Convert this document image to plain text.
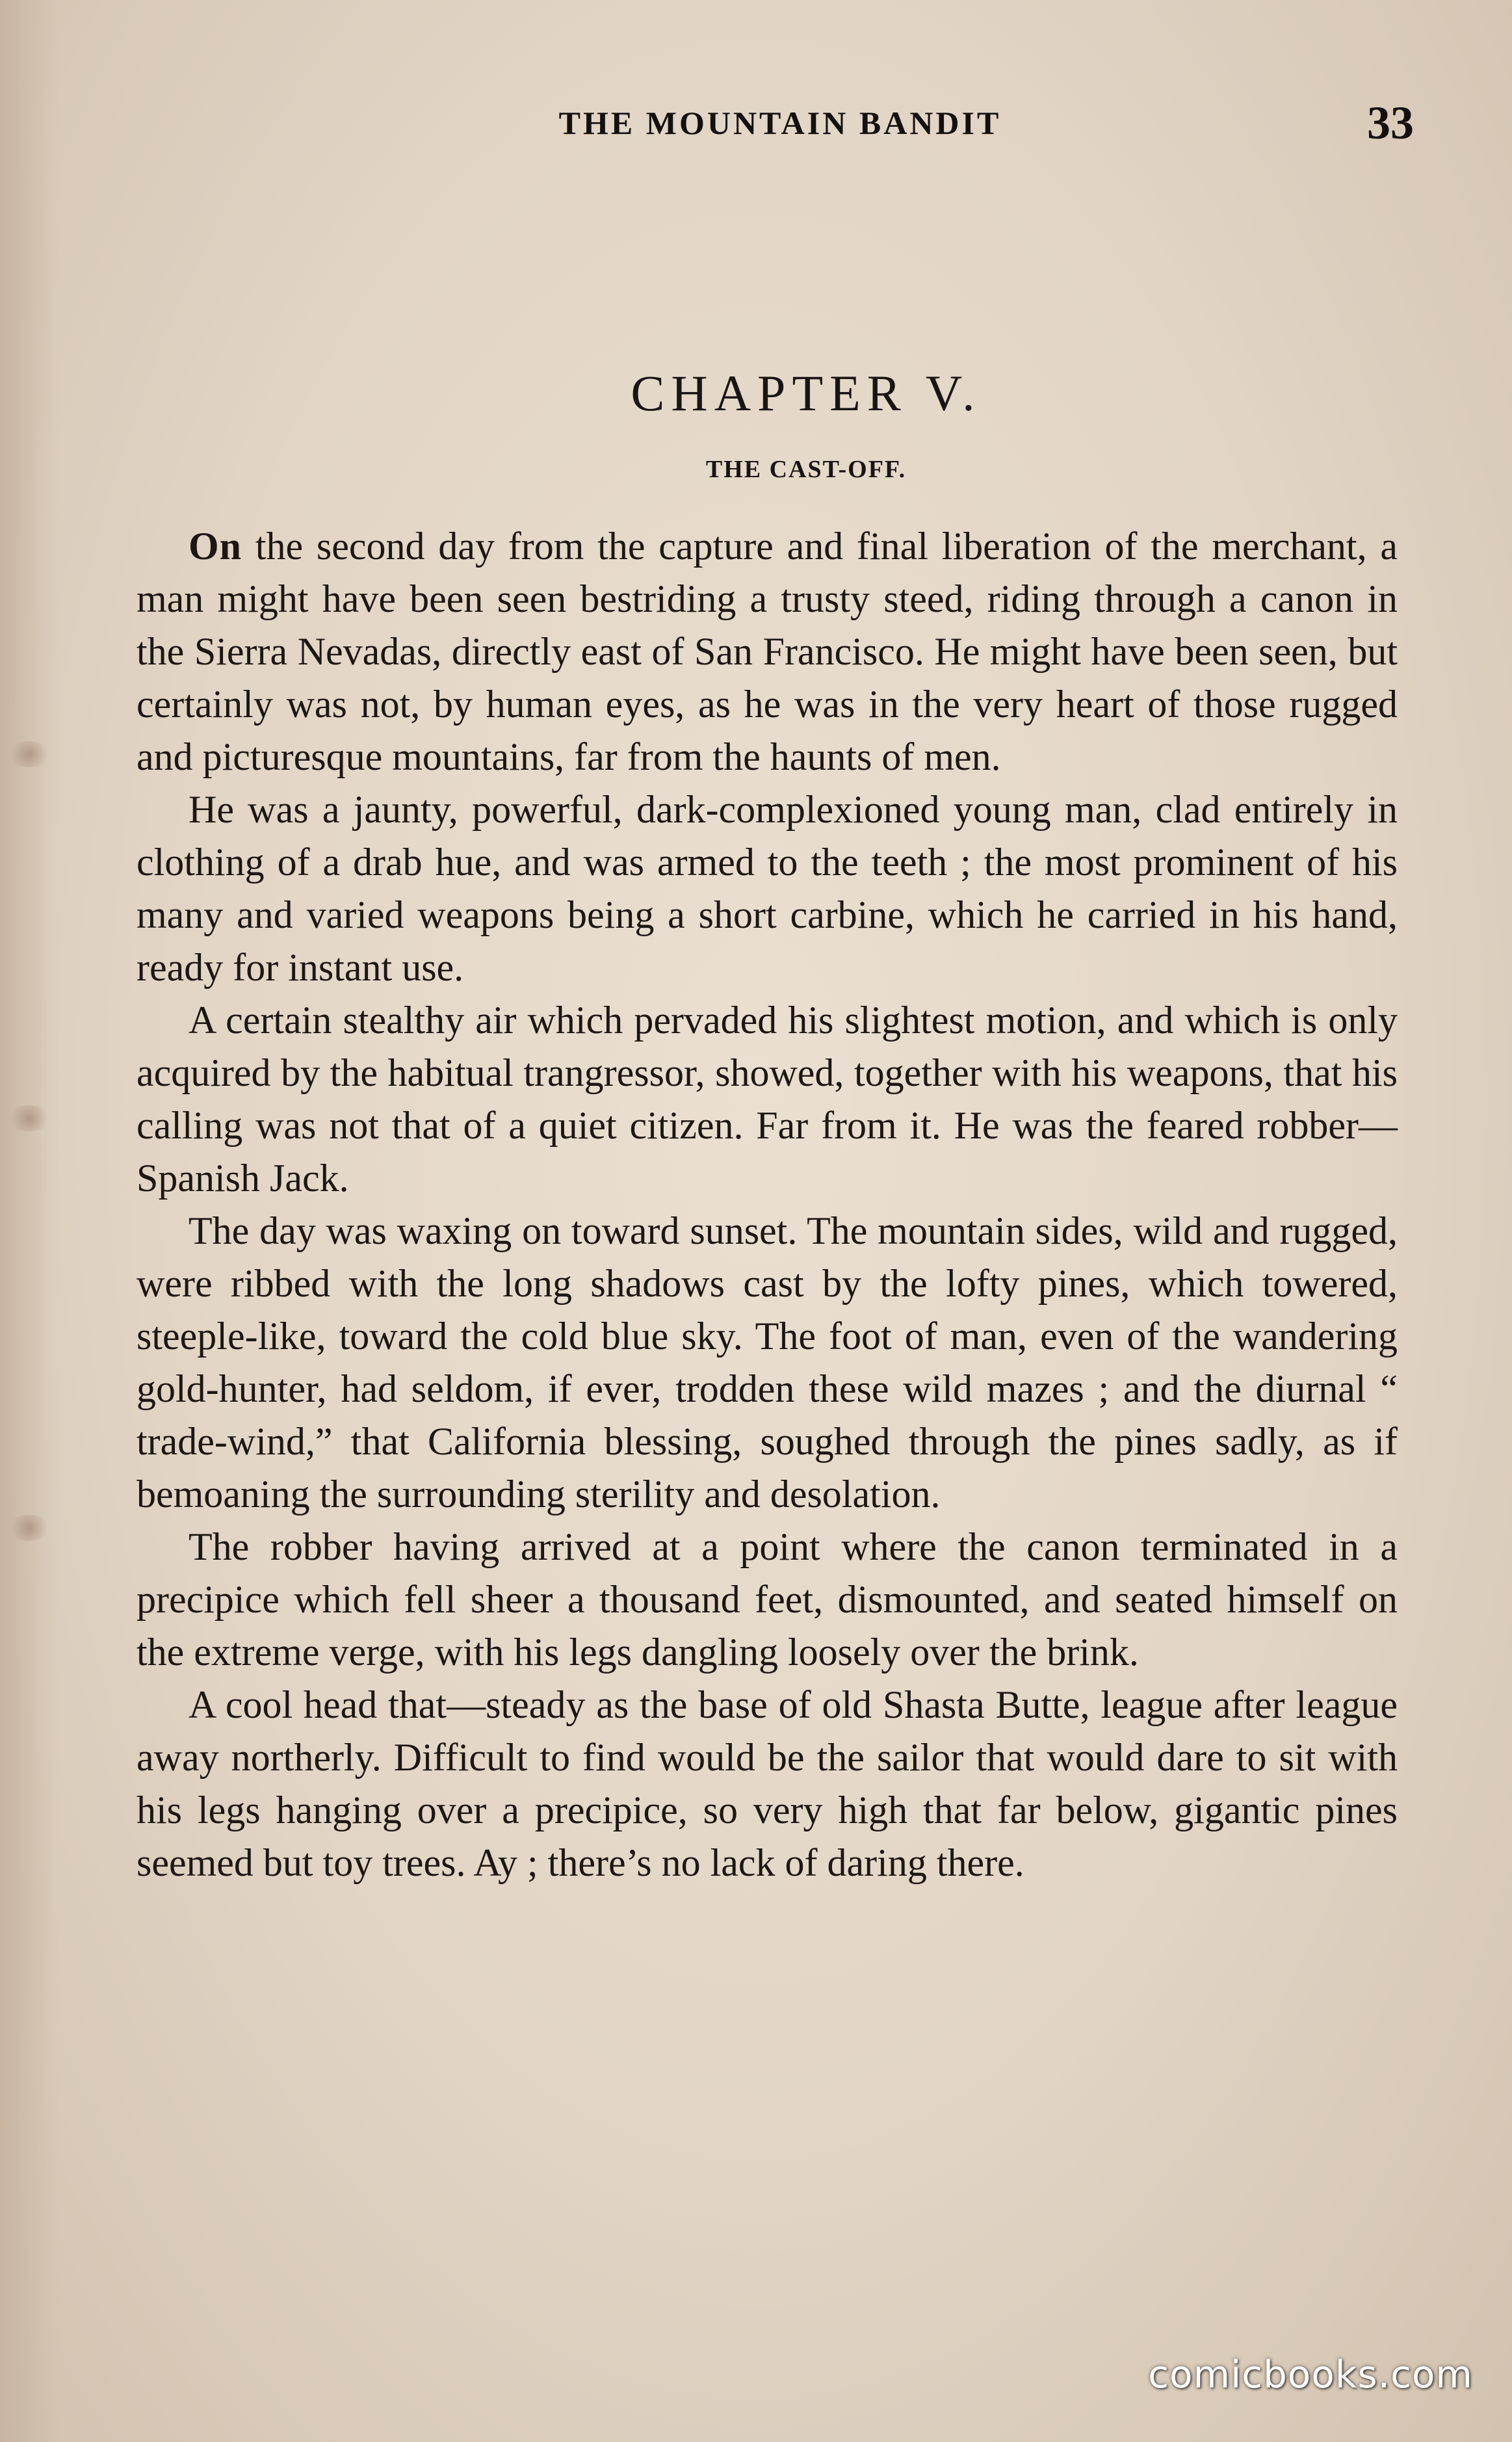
THE MOUNTAIN BANDIT	33
CHAPTER V.
THE CAST-OFF.

On the second day from the capture and final liberation of the merchant, a man might have been seen bestriding a trusty steed, riding through a canon in the Sierra Nevadas, directly east of San Francisco. He might have been seen, but certainly was not, by human eyes, as he was in the very heart of those rugged and picturesque mountains, far from the haunts of men.

He was a jaunty, powerful, dark-complexioned young man, clad entirely in clothing of a drab hue, and was armed to the teeth ; the most prominent of his many and varied weapons being a short carbine, which he carried in his hand, ready for instant use.

A certain stealthy air which pervaded his slightest motion, and which is only acquired by the habitual trangressor, showed, together with his weapons, that his calling was not that of a quiet citizen. Far from it. He was the feared robber—Spanish Jack.

The day was waxing on toward sunset. The mountain sides, wild and rugged, were ribbed with the long shadows cast by the lofty pines, which towered, steeple-like, toward the cold blue sky. The foot of man, even of the wandering gold-hunter, had seldom, if ever, trodden these wild mazes ; and the diurnal “ trade-wind,” that California blessing, soughed through the pines sadly, as if bemoaning the surrounding sterility and desolation.

The robber having arrived at a point where the canon terminated in a precipice which fell sheer a thousand feet, dismounted, and seated himself on the extreme verge, with his legs dangling loosely over the brink.

A cool head that—steady as the base of old Shasta Butte, league after league away northerly. Difficult to find would be the sailor that would dare to sit with his legs hanging over a precipice, so very high that far below, gigantic pines seemed but toy trees. Ay ; there’s no lack of daring there.

comicbooks.com
